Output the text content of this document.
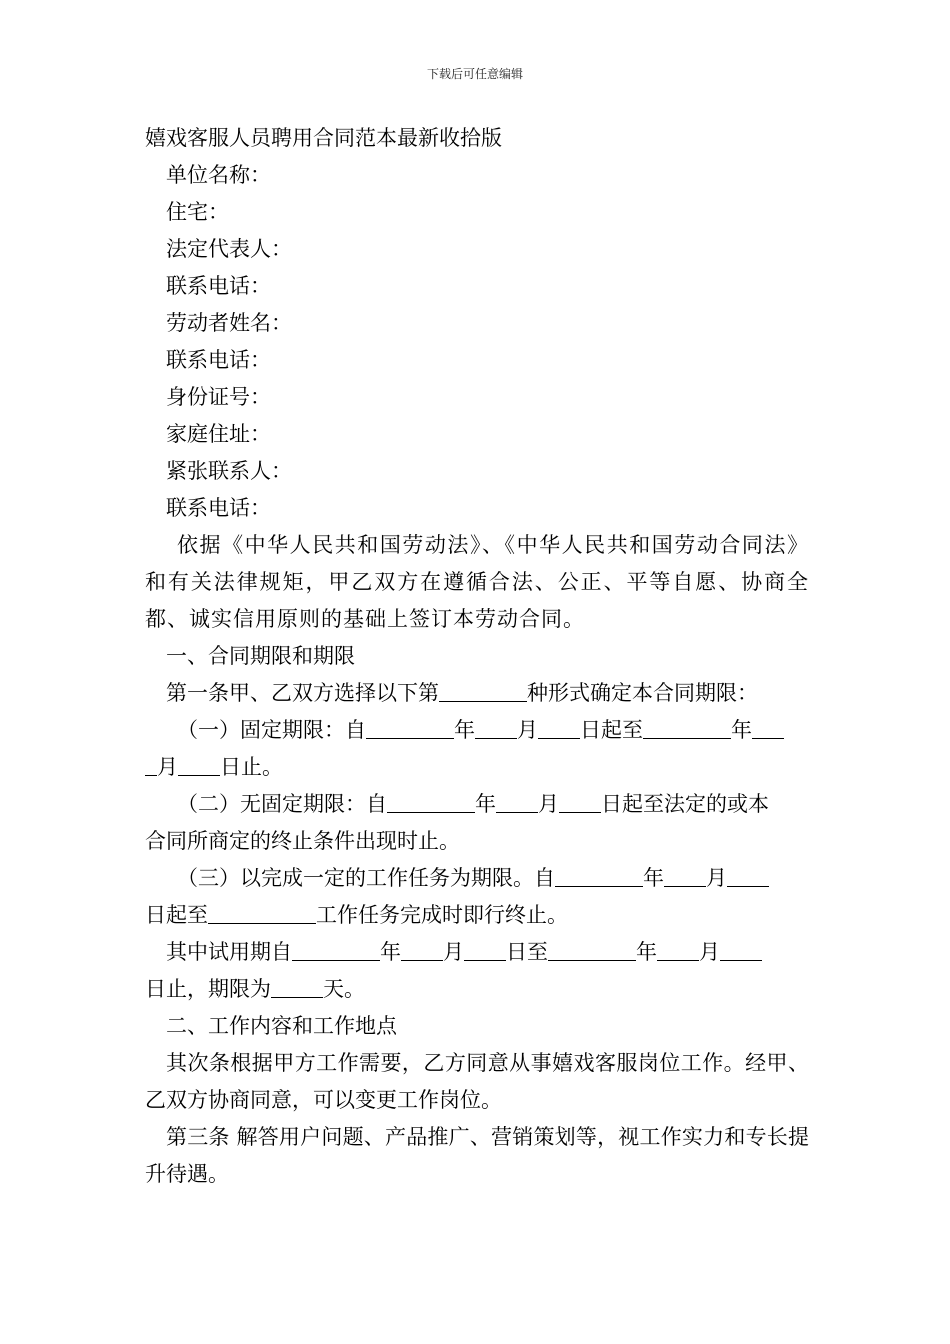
下载后可任意编辑
嬉戏客服人员聘用合同范本最新收拾版
单位名称：
住宅：
法定代表人：
联系电话：
劳动者姓名：
联系电话：
身份证号：
家庭住址：
紧张联系人：
联系电话：
依据《中华人民共和国劳动法》、《中华人民共和国劳动合同法》和有关法律规矩，甲乙双方在遵循合法、公正、平等自愿、协商全都、诚实信用原则的基础上签订本劳动合同。
一、合同期限和期限
第一条甲、乙双方选择以下第	种形式确定本合同期限：
（一）固定期限：自	年 月 日起至	年
月 日止。
（二）无固定期限：自	年 月 日起至法定的或本
合同所商定的终止条件出现时止。
（三）以完成一定的工作任务为期限。自	年 月
日起至	工作任务完成时即行终止。
其中试用期自	年 月 日至	年 月
日止，期限为 天。
二、工作内容和工作地点
其次条根据甲方工作需要，乙方同意从事嬉戏客服岗位工作。经甲、乙双方协商同意，可以变更工作岗位。
第三条 解答用户问题、产品推广、营销策划等，视工作实力和专长提升待遇。
